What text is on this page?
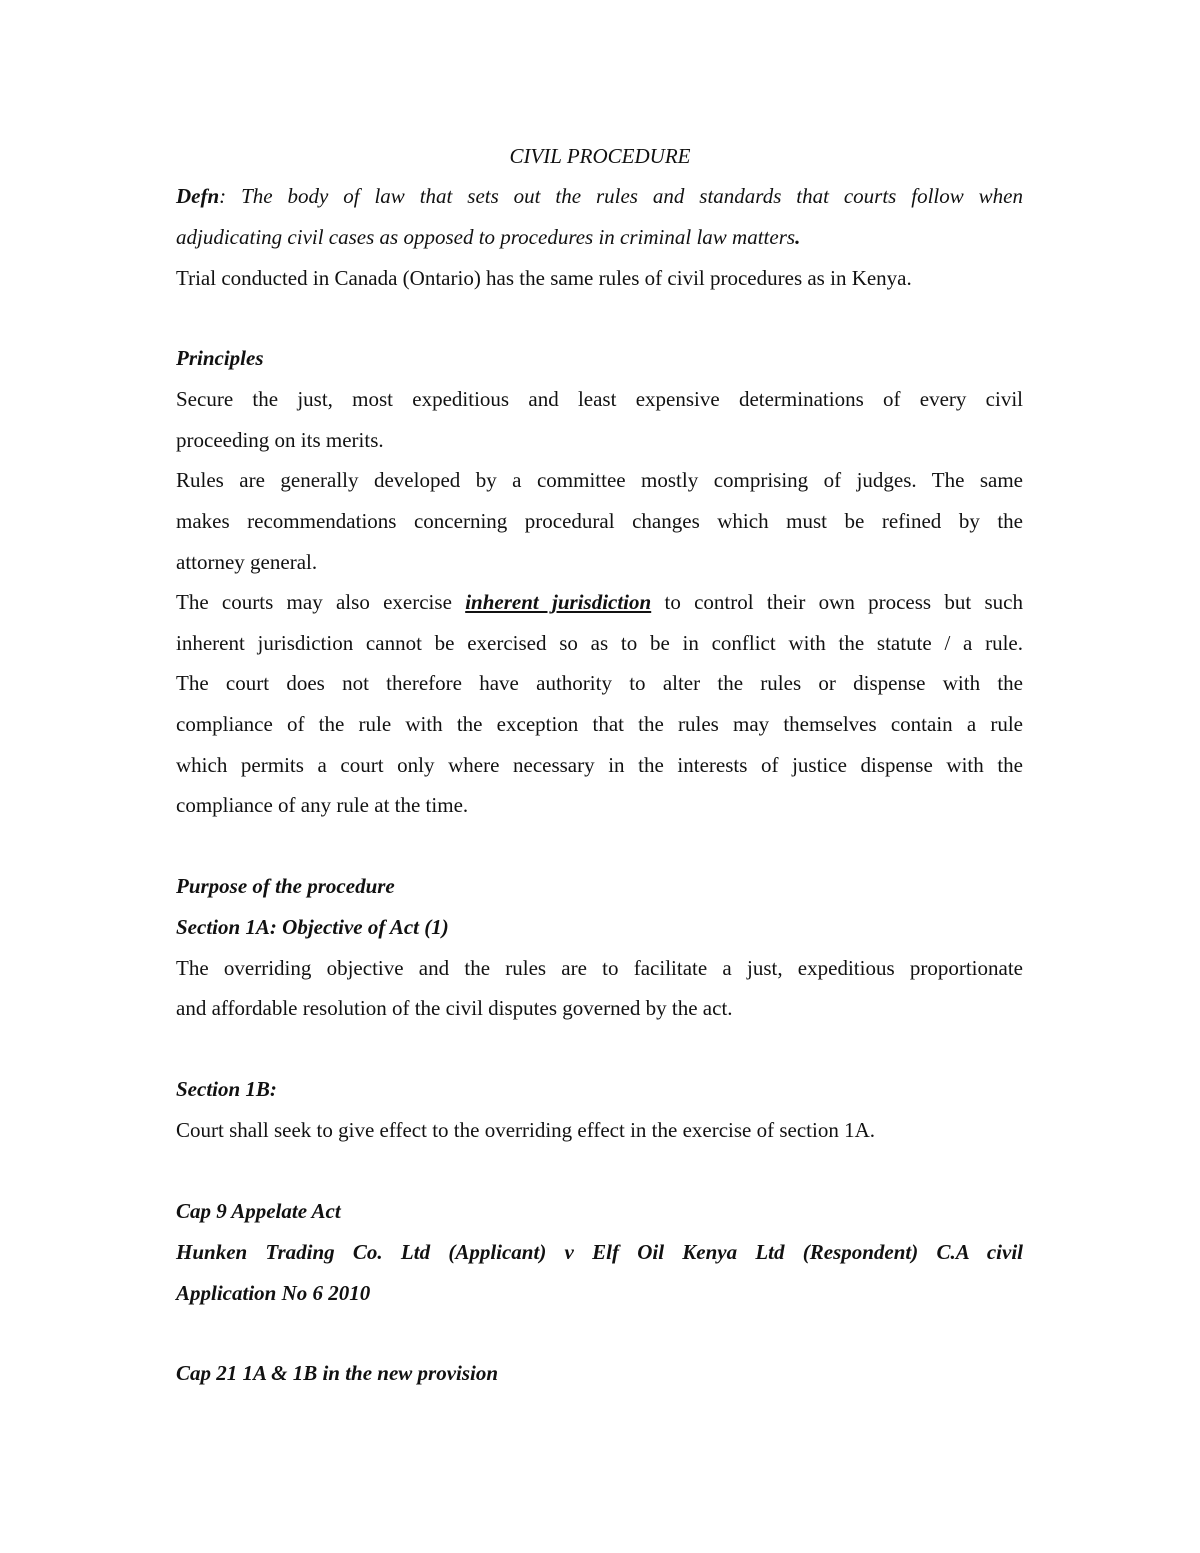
CIVIL PROCEDURE
Defn: The body of law that sets out the rules and standards that courts follow when
adjudicating civil cases as opposed to procedures in criminal law matters.
Trial conducted in Canada (Ontario) has the same rules of civil procedures as in Kenya.
Principles
Secure the just, most expeditious and least expensive determinations of every civil
proceeding on its merits.
Rules are generally developed by a committee mostly comprising of judges. The same
makes recommendations concerning procedural changes which must be refined by the
attorney general.
The courts may also exercise inherent jurisdiction to control their own process but such
inherent jurisdiction cannot be exercised so as to be in conflict with the statute / a rule.
The court does not therefore have authority to alter the rules or dispense with the
compliance of the rule with the exception that the rules may themselves contain a rule
which permits a court only where necessary in the interests of justice dispense with the
compliance of any rule at the time.
Purpose of the procedure
Section 1A: Objective of Act (1)
The overriding objective and the rules are to facilitate a just, expeditious proportionate
and affordable resolution of the civil disputes governed by the act.
Section 1B:
Court shall seek to give effect to the overriding effect in the exercise of section 1A.
Cap 9 Appelate Act
Hunken Trading Co. Ltd (Applicant) v Elf Oil Kenya Ltd (Respondent) C.A civil
Application No 6 2010
Cap 21 1A & 1B in the new provision
